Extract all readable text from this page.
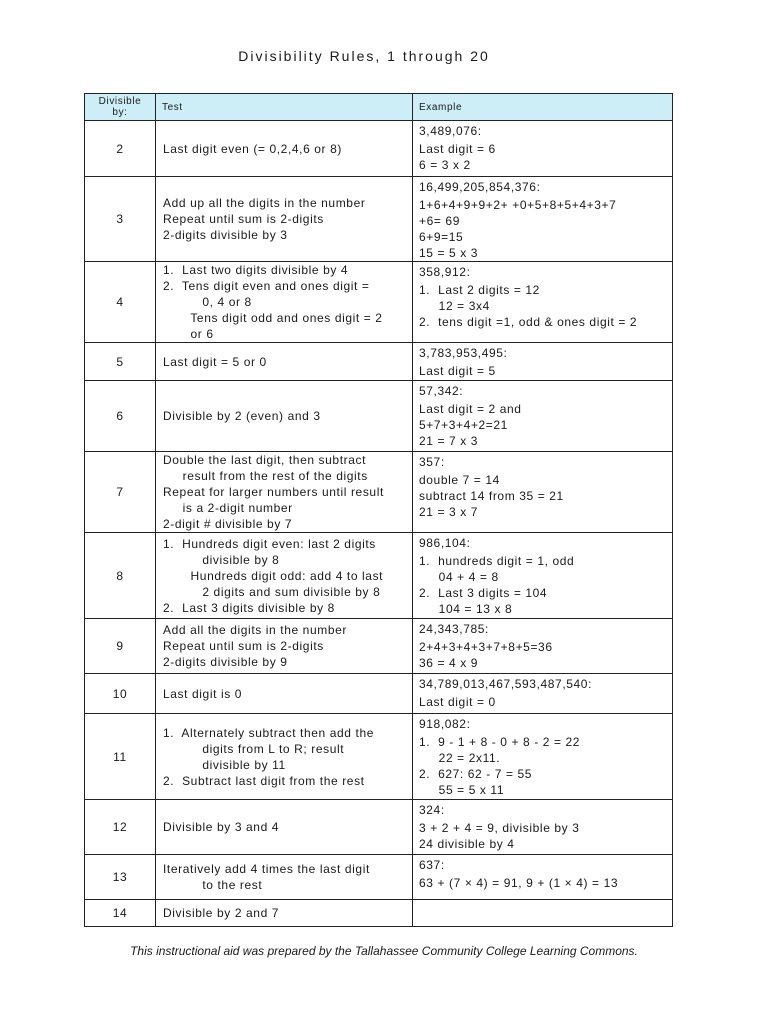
Divisibility Rules, 1 through 20
Divisible
by:	Test	Example
2	Last digit even (= 0,2,4,6 or 8)	3,489,076:
Last digit = 6
6 = 3 x 2

3	Add up all the digits in the number
Repeat until sum is 2-digits
2-digits divisible by 3	16,499,205,854,376:
1+6+4+9+9+2+ +0+5+8+5+4+3+7
+6= 69
6+9=15
15 = 5 x 3

4	1.  Last two digits divisible by 4
2.  Tens digit even and ones digit =
0, 4 or 8
Tens digit odd and ones digit = 2
or 6	358,912:
1.  Last 2 digits = 12
12 = 3x4
2.  tens digit =1, odd & ones digit = 2

5	Last digit = 5 or 0	3,783,953,495:
Last digit = 5

6	Divisible by 2 (even) and 3	57,342:
Last digit = 2 and
5+7+3+4+2=21
21 = 7 x 3

7	Double the last digit, then subtract
result from the rest of the digits
Repeat for larger numbers until result
is a 2-digit number
2-digit # divisible by 7	357:
double 7 = 14
subtract 14 from 35 = 21
21 = 3 x 7

8	1.  Hundreds digit even: last 2 digits
divisible by 8
Hundreds digit odd: add 4 to last
2 digits and sum divisible by 8
2.  Last 3 digits divisible by 8	986,104:
1.  hundreds digit = 1, odd
04 + 4 = 8
2.  Last 3 digits = 104
104 = 13 x 8

9	Add all the digits in the number
Repeat until sum is 2-digits
2-digits divisible by 9	24,343,785:
2+4+3+4+3+7+8+5=36
36 = 4 x 9

10	Last digit is 0	34,789,013,467,593,487,540:
Last digit = 0

11	1.  Alternately subtract then add the
digits from L to R; result
divisible by 11
2.  Subtract last digit from the rest	918,082:
1.  9 - 1 + 8 - 0 + 8 - 2 = 22
22 = 2x11.
2.  627: 62 - 7 = 55
55 = 5 x 11

12	Divisible by 3 and 4	324:
3 + 2 + 4 = 9, divisible by 3
24 divisible by 4

13	Iteratively add 4 times the last digit
to the rest	637:
63 + (7 × 4) = 91, 9 + (1 × 4) = 13

14	Divisible by 2 and 7	

This instructional aid was prepared by the Tallahassee Community College Learning Commons.
